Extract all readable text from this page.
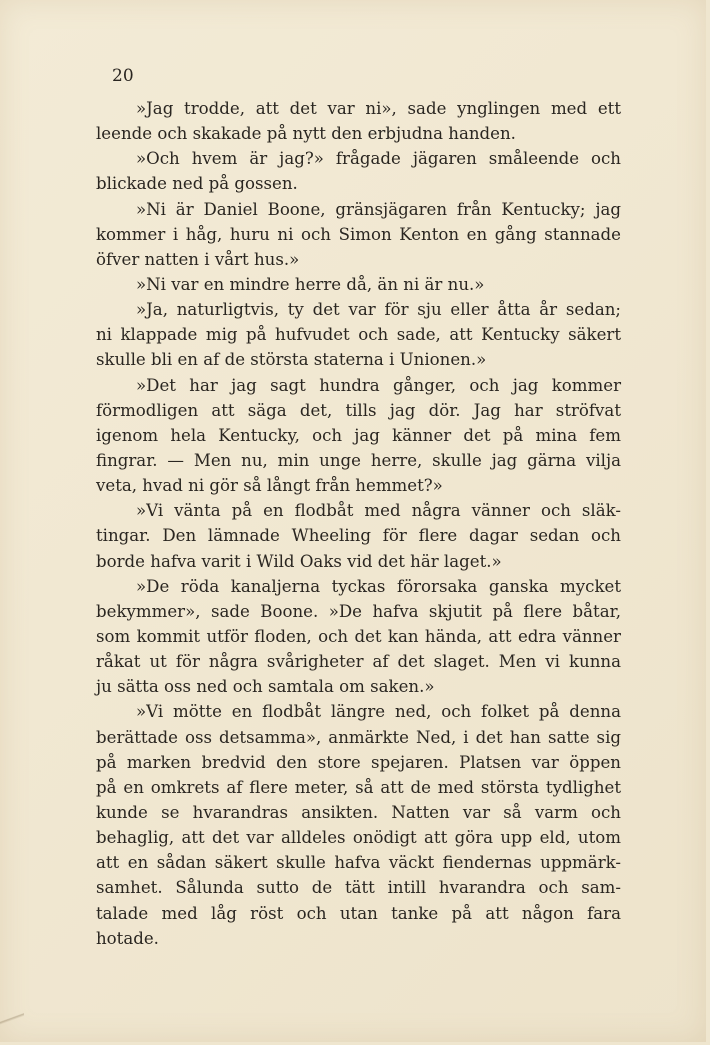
20
»Jag trodde, att det var ni», sade ynglingen med ett
leende och skakade på nytt den erbjudna handen.
»Och hvem är jag?» frågade jägaren småleende och
blickade ned på gossen.
»Ni är Daniel Boone, gränsjägaren från Kentucky; jag
kommer i håg, huru ni och Simon Kenton en gång stannade
öfver natten i vårt hus.»
»Ni var en mindre herre då, än ni är nu.»
»Ja, naturligtvis, ty det var för sju eller åtta år sedan;
ni klappade mig på hufvudet och sade, att Kentucky säkert
skulle bli en af de största staterna i Unionen.»
»Det har jag sagt hundra gånger, och jag kommer
förmodligen att säga det, tills jag dör. Jag har ströfvat
igenom hela Kentucky, och jag känner det på mina fem
fingrar. — Men nu, min unge herre, skulle jag gärna vilja
veta, hvad ni gör så långt från hemmet?»
»Vi vänta på en flodbåt med några vänner och släk-
tingar. Den lämnade Wheeling för flere dagar sedan och
borde hafva varit i Wild Oaks vid det här laget.»
»De röda kanaljerna tyckas förorsaka ganska mycket
bekymmer», sade Boone. »De hafva skjutit på flere båtar,
som kommit utför floden, och det kan hända, att edra vänner
råkat ut för några svårigheter af det slaget. Men vi kunna
ju sätta oss ned och samtala om saken.»
»Vi mötte en flodbåt längre ned, och folket på denna
berättade oss detsamma», anmärkte Ned, i det han satte sig
på marken bredvid den store spejaren. Platsen var öppen
på en omkrets af flere meter, så att de med största tydlighet
kunde se hvarandras ansikten. Natten var så varm och
behaglig, att det var alldeles onödigt att göra upp eld, utom
att en sådan säkert skulle hafva väckt fiendernas uppmärk-
samhet. Sålunda sutto de tätt intill hvarandra och sam-
talade med låg röst och utan tanke på att någon fara
hotade.
